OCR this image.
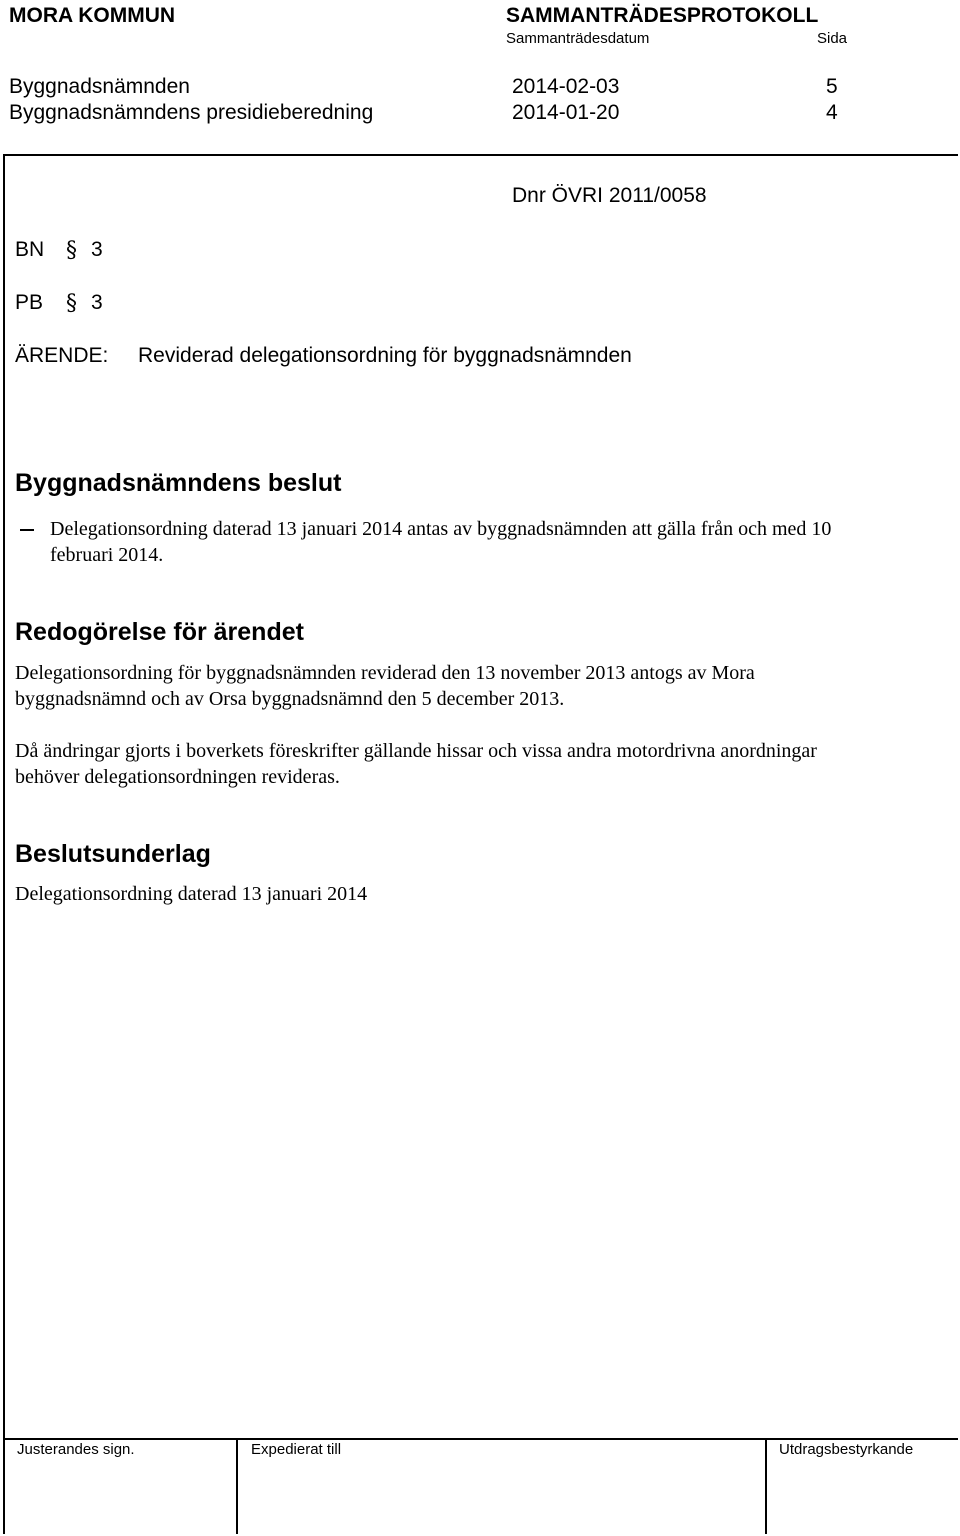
MORA KOMMUN	SAMMANTRÄDESPROTOKOLL
Sammanträdesdatum	Sida
Byggnadsnämnden	2014-02-03	5
Byggnadsnämndens presidieberedning	2014-01-20	4
Dnr ÖVRI 2011/0058
BN § 3
PB § 3
ÄRENDE: Reviderad delegationsordning för byggnadsnämnden
Byggnadsnämndens beslut
Delegationsordning daterad 13 januari 2014 antas av byggnadsnämnden att gälla från och med 10
februari 2014.
Redogörelse för ärendet
Delegationsordning för byggnadsnämnden reviderad den 13 november 2013 antogs av Mora
byggnadsnämnd och av Orsa byggnadsnämnd den 5 december 2013.
Då ändringar gjorts i boverkets föreskrifter gällande hissar och vissa andra motordrivna anordningar
behöver delegationsordningen revideras.
Beslutsunderlag
Delegationsordning daterad 13 januari 2014
Justerandes sign.	Expedierat till	Utdragsbestyrkande
